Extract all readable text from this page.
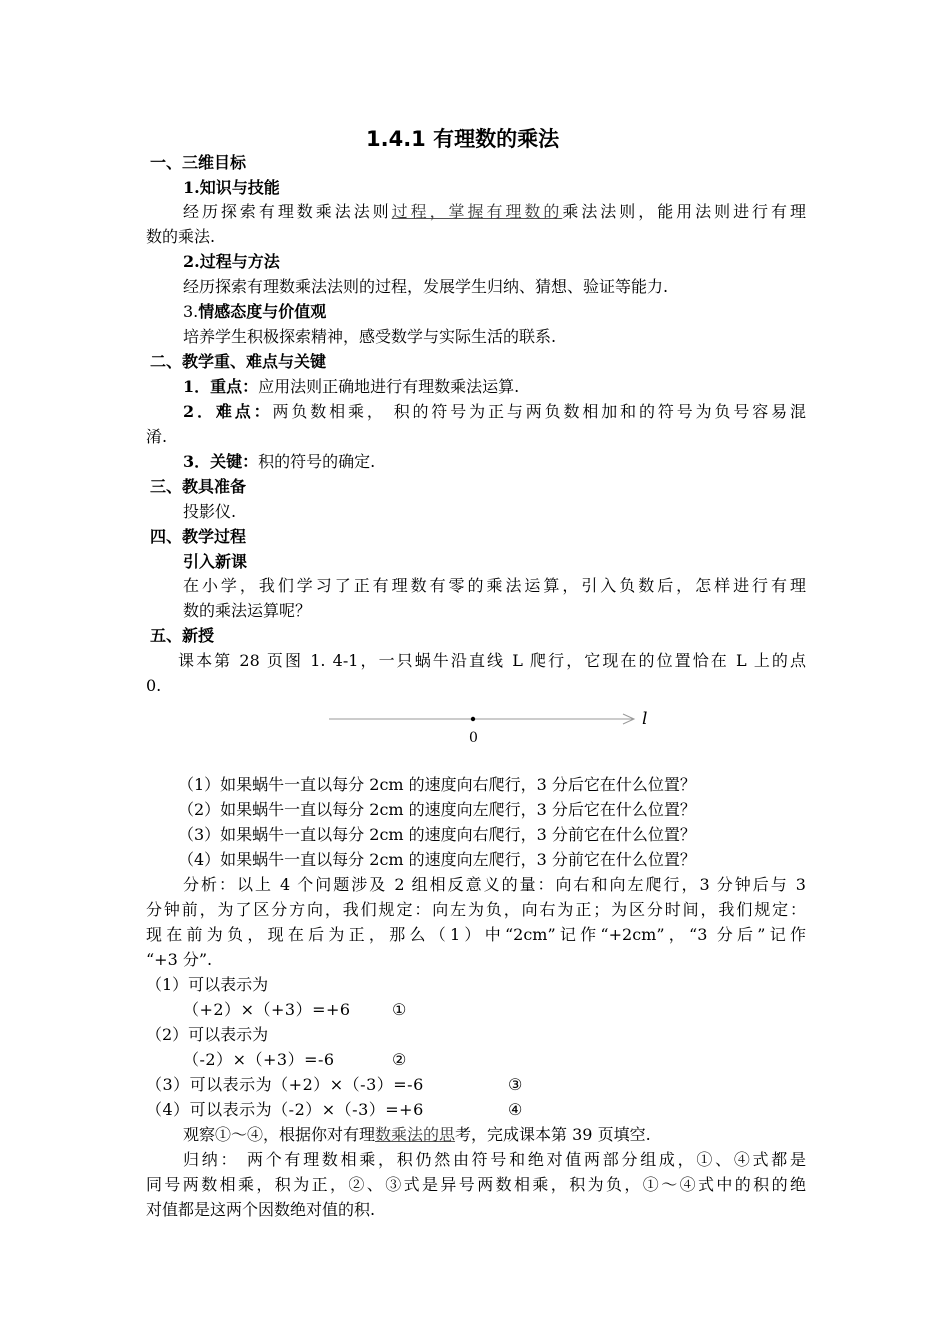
1.4.1 有理数的乘法
一、三维目标
1.知识与技能
经历探索有理数乘法法则过程，掌握有理数的乘法法则，能用法则进行有理
数的乘法.
2.过程与方法
经历探索有理数乘法法则的过程，发展学生归纳、猜想、验证等能力.
3.情感态度与价值观
培养学生积极探索精神，感受数学与实际生活的联系.
二、教学重、难点与关键
1．重点：应用法则正确地进行有理数乘法运算.
2．难点：两负数相乘， 积的符号为正与两负数相加和的符号为负号容易混
淆.
3．关键：积的符号的确定.
三、教具准备
投影仪.
四、教学过程
引入新课
在小学，我们学习了正有理数有零的乘法运算，引入负数后，怎样进行有理
数的乘法运算呢？
五、新授
课本第 28 页图 1. 4-1，一只蜗牛沿直线 L 爬行，它现在的位置恰在 L 上的点
0.
0
l
（1）如果蜗牛一直以每分 2cm 的速度向右爬行，3 分后它在什么位置？
（2）如果蜗牛一直以每分 2cm 的速度向左爬行，3 分后它在什么位置？
（3）如果蜗牛一直以每分 2cm 的速度向右爬行，3 分前它在什么位置？
（4）如果蜗牛一直以每分 2cm 的速度向左爬行，3 分前它在什么位置？
分析：以上 4 个问题涉及 2 组相反意义的量：向右和向左爬行，3 分钟后与 3
分钟前，为了区分方向，我们规定：向左为负，向右为正；为区分时间，我们规定：
现在前为负，现在后为正，那么（1）中“2cm”记作“+2cm”，“3 分后”记作
“+3 分”.
（1）可以表示为
（+2）×（+3）=+6	①
（2）可以表示为
（-2）×（+3）=-6	②
（3）可以表示为（+2）×（-3）=-6	③
（4）可以表示为（-2）×（-3）=+6	④
观察①～④，根据你对有理数乘法的思考，完成课本第 39 页填空.
归纳： 两个有理数相乘，积仍然由符号和绝对值两部分组成，①、④式都是
同号两数相乘，积为正，②、③式是异号两数相乘，积为负，①～④式中的积的绝
对值都是这两个因数绝对值的积.
